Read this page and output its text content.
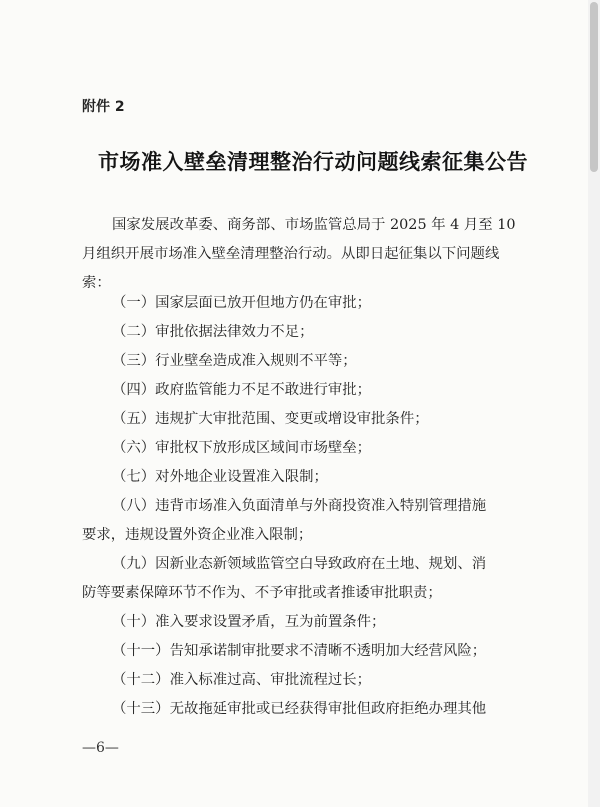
附件 2
市场准入壁垒清理整治行动问题线索征集公告
国家发展改革委、商务部、市场监管总局于 2025 年 4 月至 10
月组织开展市场准入壁垒清理整治行动。从即日起征集以下问题线
索：
（一）国家层面已放开但地方仍在审批；
（二）审批依据法律效力不足；
（三）行业壁垒造成准入规则不平等；
（四）政府监管能力不足不敢进行审批；
（五）违规扩大审批范围、变更或增设审批条件；
（六）审批权下放形成区域间市场壁垒；
（七）对外地企业设置准入限制；
（八）违背市场准入负面清单与外商投资准入特别管理措施
要求，违规设置外资企业准入限制；
（九）因新业态新领域监管空白导致政府在土地、规划、消
防等要素保障环节不作为、不予审批或者推诿审批职责；
（十）准入要求设置矛盾，互为前置条件；
（十一）告知承诺制审批要求不清晰不透明加大经营风险；
（十二）准入标准过高、审批流程过长；
（十三）无故拖延审批或已经获得审批但政府拒绝办理其他
—6—
